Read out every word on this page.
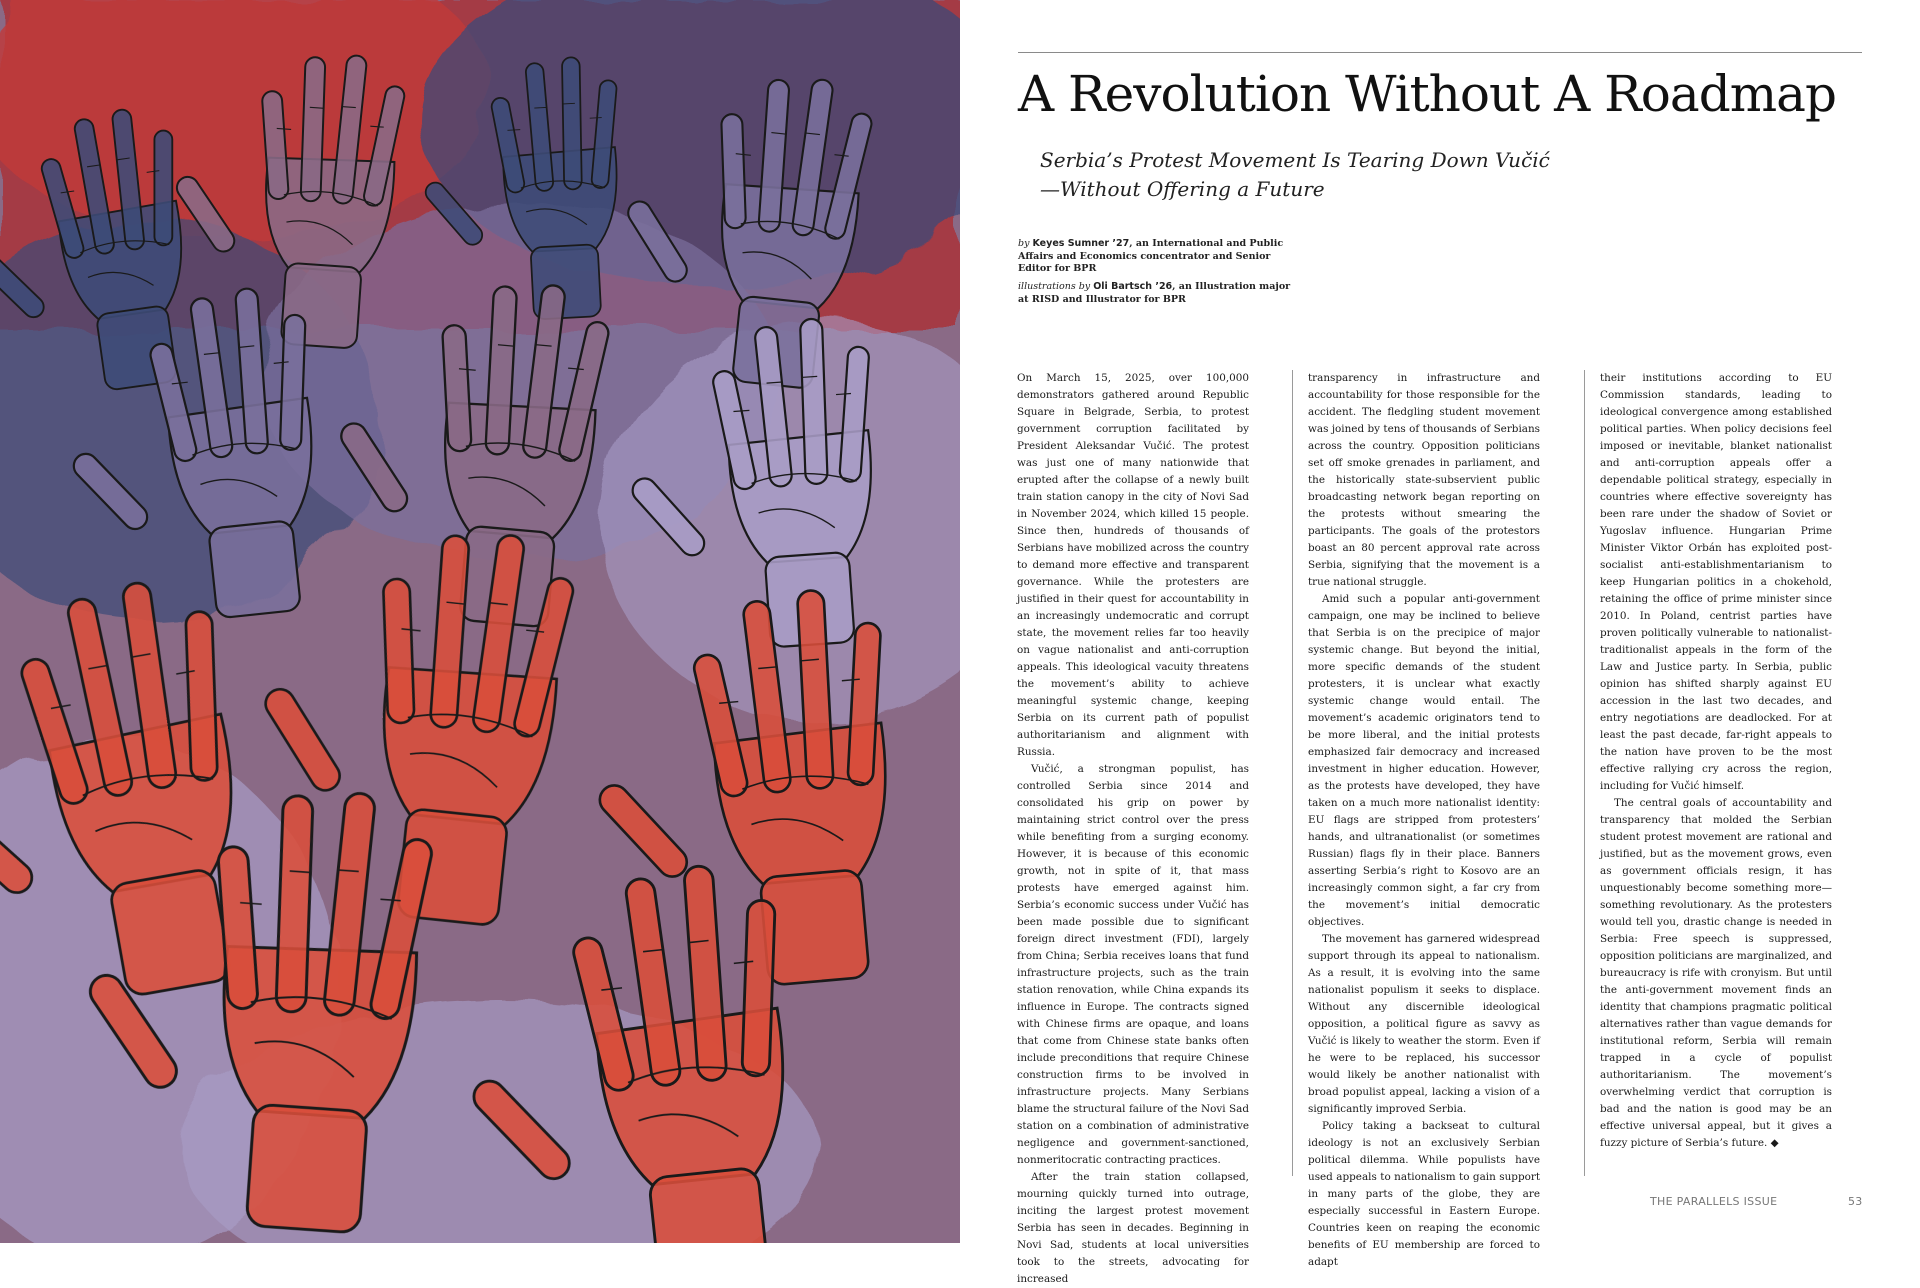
A Revolution Without A Roadmap
Serbia’s Protest Movement Is Tearing Down Vučić—Without Offering a Future

by Keyes Sumner ’27, an International and Public Affairs and Economics concentrator and Senior Editor for BPR

illustrations by Oli Bartsch ’26, an Illustration major at RISD and Illustrator for BPR

On March 15, 2025, over 100,000 demonstrators gathered around Republic Square in Belgrade, Serbia, to protest government corruption facilitated by President Aleksandar Vučić. The protest was just one of many nationwide that erupted after the collapse of a newly built train station canopy in the city of Novi Sad in November 2024, which killed 15 people. Since then, hundreds of thousands of Serbians have mobilized across the country to demand more effective and transparent governance. While the protesters are justified in their quest for accountability in an increasingly undemocratic and corrupt state, the movement relies far too heavily on vague nationalist and anti-corruption appeals. This ideological vacuity threatens the movement’s ability to achieve meaningful systemic change, keeping Serbia on its current path of populist authoritarianism and alignment with Russia.

Vučić, a strongman populist, has controlled Serbia since 2014 and consolidated his grip on power by maintaining strict control over the press while benefiting from a surging economy. However, it is because of this economic growth, not in spite of it, that mass protests have emerged against him. Serbia’s economic success under Vučić has been made possible due to significant foreign direct investment (FDI), largely from China; Serbia receives loans that fund infrastructure projects, such as the train station renovation, while China expands its influence in Europe. The contracts signed with Chinese firms are opaque, and loans that come from Chinese state banks often include preconditions that require Chinese construction firms to be involved in infrastructure projects. Many Serbians blame the structural failure of the Novi Sad station on a combination of administrative negligence and government-sanctioned, nonmeritocratic contracting practices.

After the train station collapsed, mourning quickly turned into outrage, inciting the largest protest movement Serbia has seen in decades. Beginning in Novi Sad, students at local universities took to the streets, advocating for increased

transparency in infrastructure and accountability for those responsible for the accident. The fledgling student movement was joined by tens of thousands of Serbians across the country. Opposition politicians set off smoke grenades in parliament, and the historically state-subservient public broadcasting network began reporting on the protests without smearing the participants. The goals of the protestors boast an 80 percent approval rate across Serbia, signifying that the movement is a true national struggle.

Amid such a popular anti-government campaign, one may be inclined to believe that Serbia is on the precipice of major systemic change. But beyond the initial, more specific demands of the student protesters, it is unclear what exactly systemic change would entail. The movement’s academic originators tend to be more liberal, and the initial protests emphasized fair democracy and increased investment in higher education. However, as the protests have developed, they have taken on a much more nationalist identity: EU flags are stripped from protesters’ hands, and ultranationalist (or sometimes Russian) flags fly in their place. Banners asserting Serbia’s right to Kosovo are an increasingly common sight, a far cry from the movement’s initial democratic objectives.

The movement has garnered widespread support through its appeal to nationalism. As a result, it is evolving into the same nationalist populism it seeks to displace. Without any discernible ideological opposition, a political figure as savvy as Vučić is likely to weather the storm. Even if he were to be replaced, his successor would likely be another nationalist with broad populist appeal, lacking a vision of a significantly improved Serbia.

Policy taking a backseat to cultural ideology is not an exclusively Serbian political dilemma. While populists have used appeals to nationalism to gain support in many parts of the globe, they are especially successful in Eastern Europe. Countries keen on reaping the economic benefits of EU membership are forced to adapt

their institutions according to EU Commission standards, leading to ideological convergence among established political parties. When policy decisions feel imposed or inevitable, blanket nationalist and anti-corruption appeals offer a dependable political strategy, especially in countries where effective sovereignty has been rare under the shadow of Soviet or Yugoslav influence. Hungarian Prime Minister Viktor Orbán has exploited post-socialist anti-establishmentarianism to keep Hungarian politics in a chokehold, retaining the office of prime minister since 2010. In Poland, centrist parties have proven politically vulnerable to nationalist-traditionalist appeals in the form of the Law and Justice party. In Serbia, public opinion has shifted sharply against EU accession in the last two decades, and entry negotiations are deadlocked. For at least the past decade, far-right appeals to the nation have proven to be the most effective rallying cry across the region, including for Vučić himself.

The central goals of accountability and transparency that molded the Serbian student protest movement are rational and justified, but as the movement grows, even as government officials resign, it has unquestionably become something more—something revolutionary. As the protesters would tell you, drastic change is needed in Serbia: Free speech is suppressed, opposition politicians are marginalized, and bureaucracy is rife with cronyism. But until the anti-government movement finds an identity that champions pragmatic political alternatives rather than vague demands for institutional reform, Serbia will remain trapped in a cycle of populist authoritarianism. The movement’s overwhelming verdict that corruption is bad and the nation is good may be an effective universal appeal, but it gives a fuzzy picture of Serbia’s future. ◆

THE PARALLELS ISSUE	53
